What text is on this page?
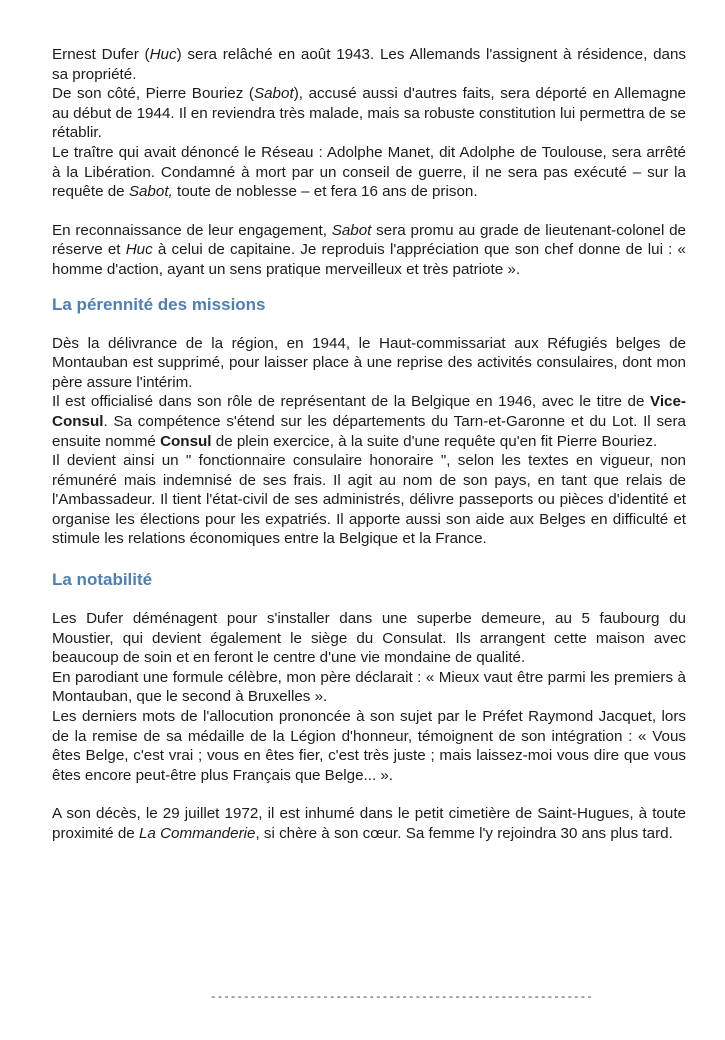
Ernest Dufer (Huc) sera relâché en août 1943. Les Allemands l'assignent à résidence, dans sa propriété.

De son côté, Pierre Bouriez (Sabot), accusé aussi d'autres faits, sera déporté en Allemagne au début de 1944. Il en reviendra très malade, mais sa robuste constitution lui permettra de se rétablir.

Le traître qui avait dénoncé le Réseau : Adolphe Manet, dit Adolphe de Toulouse, sera arrêté à la Libération. Condamné à mort par un conseil de guerre, il ne sera pas exécuté – sur la requête de Sabot, toute de noblesse – et fera 16 ans de prison.

En reconnaissance de leur engagement, Sabot sera promu au grade de lieutenant-colonel de réserve et Huc à celui de capitaine. Je reproduis l'appréciation que son chef donne de lui : « homme d'action, ayant un sens pratique merveilleux et très patriote ».

La pérennité des missions

Dès la délivrance de la région, en 1944, le Haut-commissariat aux Réfugiés belges de Montauban est supprimé, pour laisser place à une reprise des activités consulaires, dont mon père assure l'intérim.

Il est officialisé dans son rôle de représentant de la Belgique en 1946, avec le titre de Vice-Consul. Sa compétence s'étend sur les départements du Tarn-et-Garonne et du Lot. Il sera ensuite nommé Consul de plein exercice, à la suite d'une requête qu'en fit Pierre Bouriez.

Il devient ainsi un " fonctionnaire consulaire honoraire ", selon les textes en vigueur, non rémunéré mais indemnisé de ses frais. Il agit au nom de son pays, en tant que relais de l'Ambassadeur. Il tient l'état-civil de ses administrés, délivre passeports ou pièces d'identité et organise les élections pour les expatriés. Il apporte aussi son aide aux Belges en difficulté et stimule les relations économiques entre la Belgique et la France.

La notabilité

Les Dufer déménagent pour s'installer dans une superbe demeure, au 5 faubourg du Moustier, qui devient également le siège du Consulat. Ils arrangent cette maison avec beaucoup de soin et en feront le centre d'une vie mondaine de qualité.

En parodiant une formule célèbre, mon père déclarait : « Mieux vaut être parmi les premiers à Montauban, que le second à Bruxelles ».

Les derniers mots de l'allocution prononcée à son sujet par le Préfet Raymond Jacquet, lors de la remise de sa médaille de la Légion d'honneur, témoignent de son intégration : « Vous êtes Belge, c'est vrai ; vous en êtes fier, c'est très juste ; mais laissez-moi vous dire que vous êtes encore peut-être plus Français que Belge... ».

A son décès, le 29 juillet 1972, il est inhumé dans le petit cimetière de Saint-Hugues, à toute proximité de La Commanderie, si chère à son cœur. Sa femme l'y rejoindra 30 ans plus tard.

----------------------------------------------------------
